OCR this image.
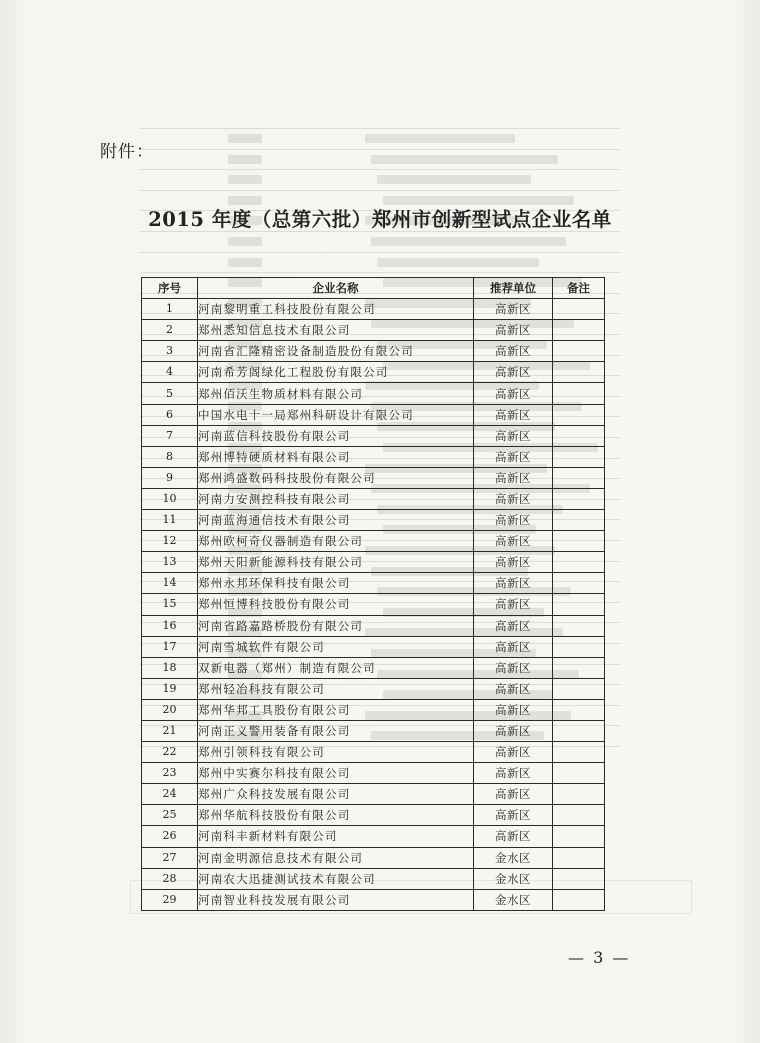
附件：
2015 年度（总第六批）郑州市创新型试点企业名单
序号	企业名称	推荐单位	备注
1	河南黎明重工科技股份有限公司	高新区	
2	郑州悉知信息技术有限公司	高新区	
3	河南省汇隆精密设备制造股份有限公司	高新区	
4	河南希芳阁绿化工程股份有限公司	高新区	
5	郑州佰沃生物质材料有限公司	高新区	
6	中国水电十一局郑州科研设计有限公司	高新区	
7	河南蓝信科技股份有限公司	高新区	
8	郑州博特硬质材料有限公司	高新区	
9	郑州鸿盛数码科技股份有限公司	高新区	
10	河南力安测控科技有限公司	高新区	
11	河南蓝海通信技术有限公司	高新区	
12	郑州欧柯奇仪器制造有限公司	高新区	
13	郑州天阳新能源科技有限公司	高新区	
14	郑州永邦环保科技有限公司	高新区	
15	郑州恒博科技股份有限公司	高新区	
16	河南省路嘉路桥股份有限公司	高新区	
17	河南雪城软件有限公司	高新区	
18	双新电器（郑州）制造有限公司	高新区	
19	郑州轻冶科技有限公司	高新区	
20	郑州华邦工具股份有限公司	高新区	
21	河南正义警用装备有限公司	高新区	
22	郑州引领科技有限公司	高新区	
23	郑州中实赛尔科技有限公司	高新区	
24	郑州广众科技发展有限公司	高新区	
25	郑州华航科技股份有限公司	高新区	
26	河南科丰新材料有限公司	高新区	
27	河南金明源信息技术有限公司	金水区	
28	河南农大迅捷测试技术有限公司	金水区	
29	河南智业科技发展有限公司	金水区	
— 3 —
